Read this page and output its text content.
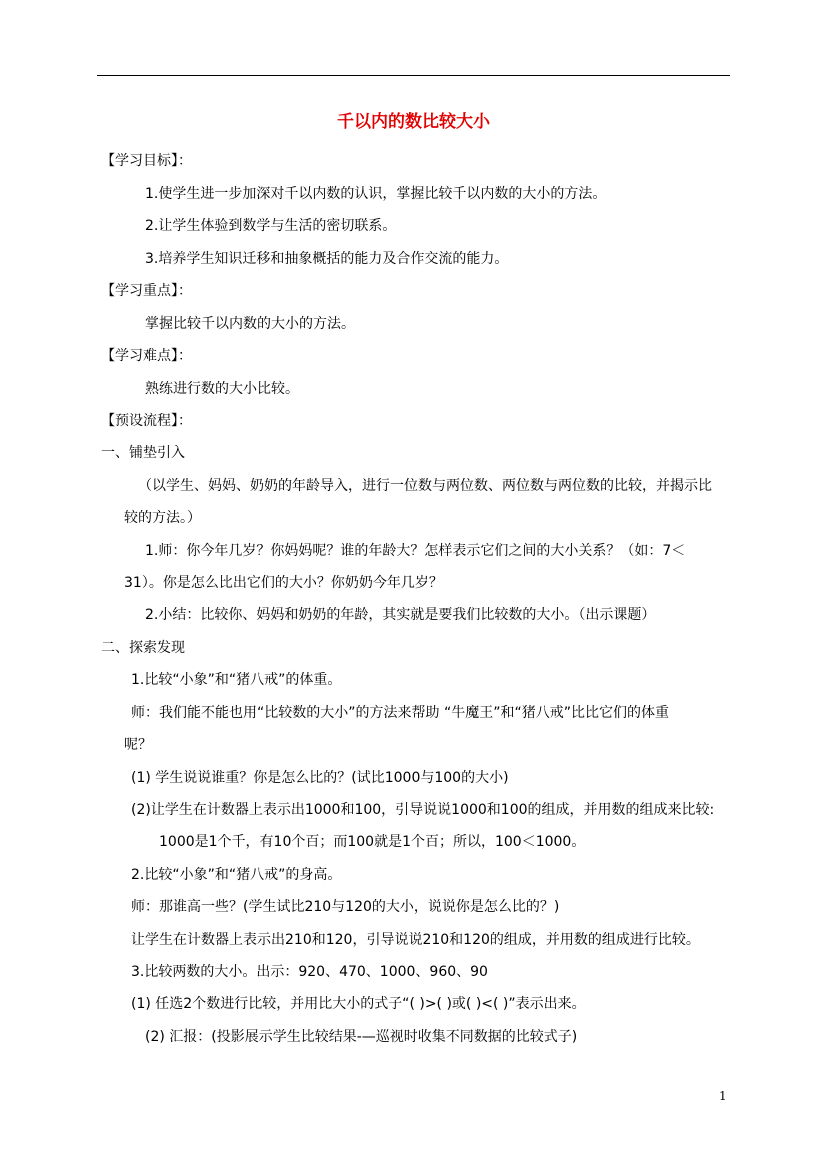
千以内的数比较大小
【学习目标】：
1.使学生进一步加深对千以内数的认识，掌握比较千以内数的大小的方法。
2.让学生体验到数学与生活的密切联系。
3.培养学生知识迁移和抽象概括的能力及合作交流的能力。
【学习重点】：
掌握比较千以内数的大小的方法。
【学习难点】：
熟练进行数的大小比较。
【预设流程】：
一、铺垫引入
（以学生、妈妈、奶奶的年龄导入，进行一位数与两位数、两位数与两位数的比较，并揭示比
较的方法。）
1.师：你今年几岁？你妈妈呢？谁的年龄大？怎样表示它们之间的大小关系？（如：7＜
31）。你是怎么比出它们的大小？你奶奶今年几岁？
2.小结：比较你、妈妈和奶奶的年龄，其实就是要我们比较数的大小。（出示课题）
二、探索发现
1.比较“小象”和“猪八戒”的体重。
师：我们能不能也用“比较数的大小”的方法来帮助 “牛魔王”和“猪八戒”比比它们的体重
呢？
(1) 学生说说谁重？你是怎么比的？(试比1000与100的大小)
(2)让学生在计数器上表示出1000和100，引导说说1000和100的组成，并用数的组成来比较:
1000是1个千，有10个百；而100就是1个百；所以，100＜1000。
2.比较“小象”和“猪八戒”的身高。
师：那谁高一些？(学生试比210与120的大小，说说你是怎么比的？)
让学生在计数器上表示出210和120，引导说说210和120的组成，并用数的组成进行比较。
3.比较两数的大小。出示：920、470、1000、960、90
(1) 任选2个数进行比较，并用比大小的式子“( )>( )或( )<( )”表示出来。
(2) 汇报：(投影展示学生比较结果-—巡视时收集不同数据的比较式子)
1
